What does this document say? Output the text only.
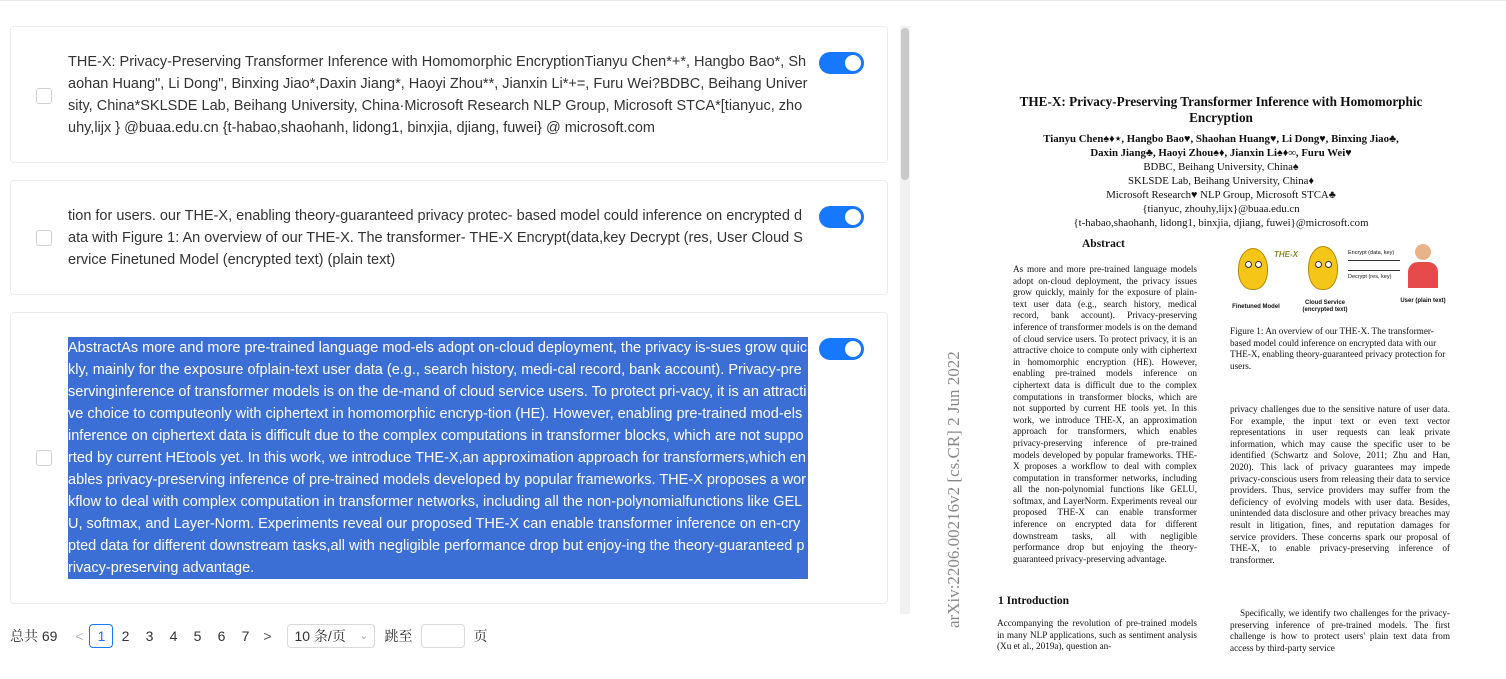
THE-X: Privacy-Preserving Transformer Inference with Homomorphic EncryptionTianyu Chen*+*, Hangbo Bao*, Shaohan Huang", Li Dong", Binxing Jiao*,Daxin Jiang*, Haoyi Zhou**, Jianxin Li*+=, Furu Wei?BDBC, Beihang University, China*SKLSDE Lab, Beihang University, China·Microsoft Research NLP Group, Microsoft STCA*[tianyuc, zhouhy,lijx } @buaa.edu.cn {t-habao,shaohanh, lidong1, binxjia, djiang, fuwei} @ microsoft.com
tion for users. our THE-X, enabling theory-guaranteed privacy protec- based model could inference on encrypted data with Figure 1: An overview of our THE-X. The transformer- THE-X Encrypt(data,key Decrypt (res, User Cloud Service Finetuned Model (encrypted text) (plain text)
AbstractAs more and more pre-trained language mod-els adopt on-cloud deployment, the privacy is-sues grow quickly, mainly for the exposure ofplain-text user data (e.g., search history, medi-cal record, bank account). Privacy-preservinginference of transformer models is on the de-mand of cloud service users. To protect pri-vacy, it is an attractive choice to computeonly with ciphertext in homomorphic encryp-tion (HE). However, enabling pre-trained mod-els inference on ciphertext data is difficult due to the complex computations in transformer blocks, which are not supported by current HEtools yet. In this work, we introduce THE-X,an approximation approach for transformers,which enables privacy-preserving inference of pre-trained models developed by popular frameworks. THE-X proposes a workflow to deal with complex computation in transformer networks, including all the non-polynomialfunctions like GELU, softmax, and Layer-Norm. Experiments reveal our proposed THE-X can enable transformer inference on en-crypted data for different downstream tasks,all with negligible performance drop but enjoy-ing the theory-guaranteed privacy-preserving advantage.
总共 69	<	1	2	3	4	5	6	7	>	10 条/页 ⌄ 跳至	页
arXiv:2206.00216v2 [cs.CR] 2 Jun 2022
THE-X: Privacy-Preserving Transformer Inference with Homomorphic Encryption
Tianyu Chen♠♦⋆, Hangbo Bao♥, Shaohan Huang♥, Li Dong♥, Binxing Jiao♣,
Daxin Jiang♣, Haoyi Zhou♠♦, Jianxin Li♠♦∞, Furu Wei♥
BDBC, Beihang University, China♠
SKLSDE Lab, Beihang University, China♦
Microsoft Research♥ NLP Group, Microsoft STCA♣
{tianyuc, zhouhy,lijx}@buaa.edu.cn
{t-habao,shaohanh, lidong1, binxjia, djiang, fuwei}@microsoft.com
Abstract
As more and more pre-trained language models adopt on-cloud deployment, the privacy issues grow quickly, mainly for the exposure of plain-text user data (e.g., search history, medical record, bank account). Privacy-preserving inference of transformer models is on the demand of cloud service users. To protect privacy, it is an attractive choice to compute only with ciphertext in homomorphic encryption (HE). However, enabling pre-trained models inference on ciphertext data is difficult due to the complex computations in transformer blocks, which are not supported by current HE tools yet. In this work, we introduce THE-X, an approximation approach for transformers, which enables privacy-preserving inference of pre-trained models developed by popular frameworks. THE-X proposes a workflow to deal with complex computation in transformer networks, including all the non-polynomial functions like GELU, softmax, and LayerNorm. Experiments reveal our proposed THE-X can enable transformer inference on encrypted data for different downstream tasks, all with negligible performance drop but enjoying the theory-guaranteed privacy-preserving advantage.
Finetuned Model
THE-X
Cloud Service (encrypted text)
Encrypt (data, key)
Decrypt (res, key)
User (plain text)
Figure 1: An overview of our THE-X. The transformer-based model could inference on encrypted data with our THE-X, enabling theory-guaranteed privacy protection for users.
privacy challenges due to the sensitive nature of user data. For example, the input text or even text vector representations in user requests can leak private information, which may cause the specific user to be identified (Schwartz and Solove, 2011; Zhu and Han, 2020). This lack of privacy guarantees may impede privacy-conscious users from releasing their data to service providers. Thus, service providers may suffer from the deficiency of evolving models with user data. Besides, unintended data disclosure and other privacy breaches may result in litigation, fines, and reputation damages for service providers. These concerns spark our proposal of THE-X, to enable privacy-preserving inference of transformer.
Specifically, we identify two challenges for the privacy-preserving inference of pre-trained models. The first challenge is how to protect users' plain text data from access by third-party service
1 Introduction
Accompanying the revolution of pre-trained models in many NLP applications, such as sentiment analysis (Xu et al., 2019a), question an-
